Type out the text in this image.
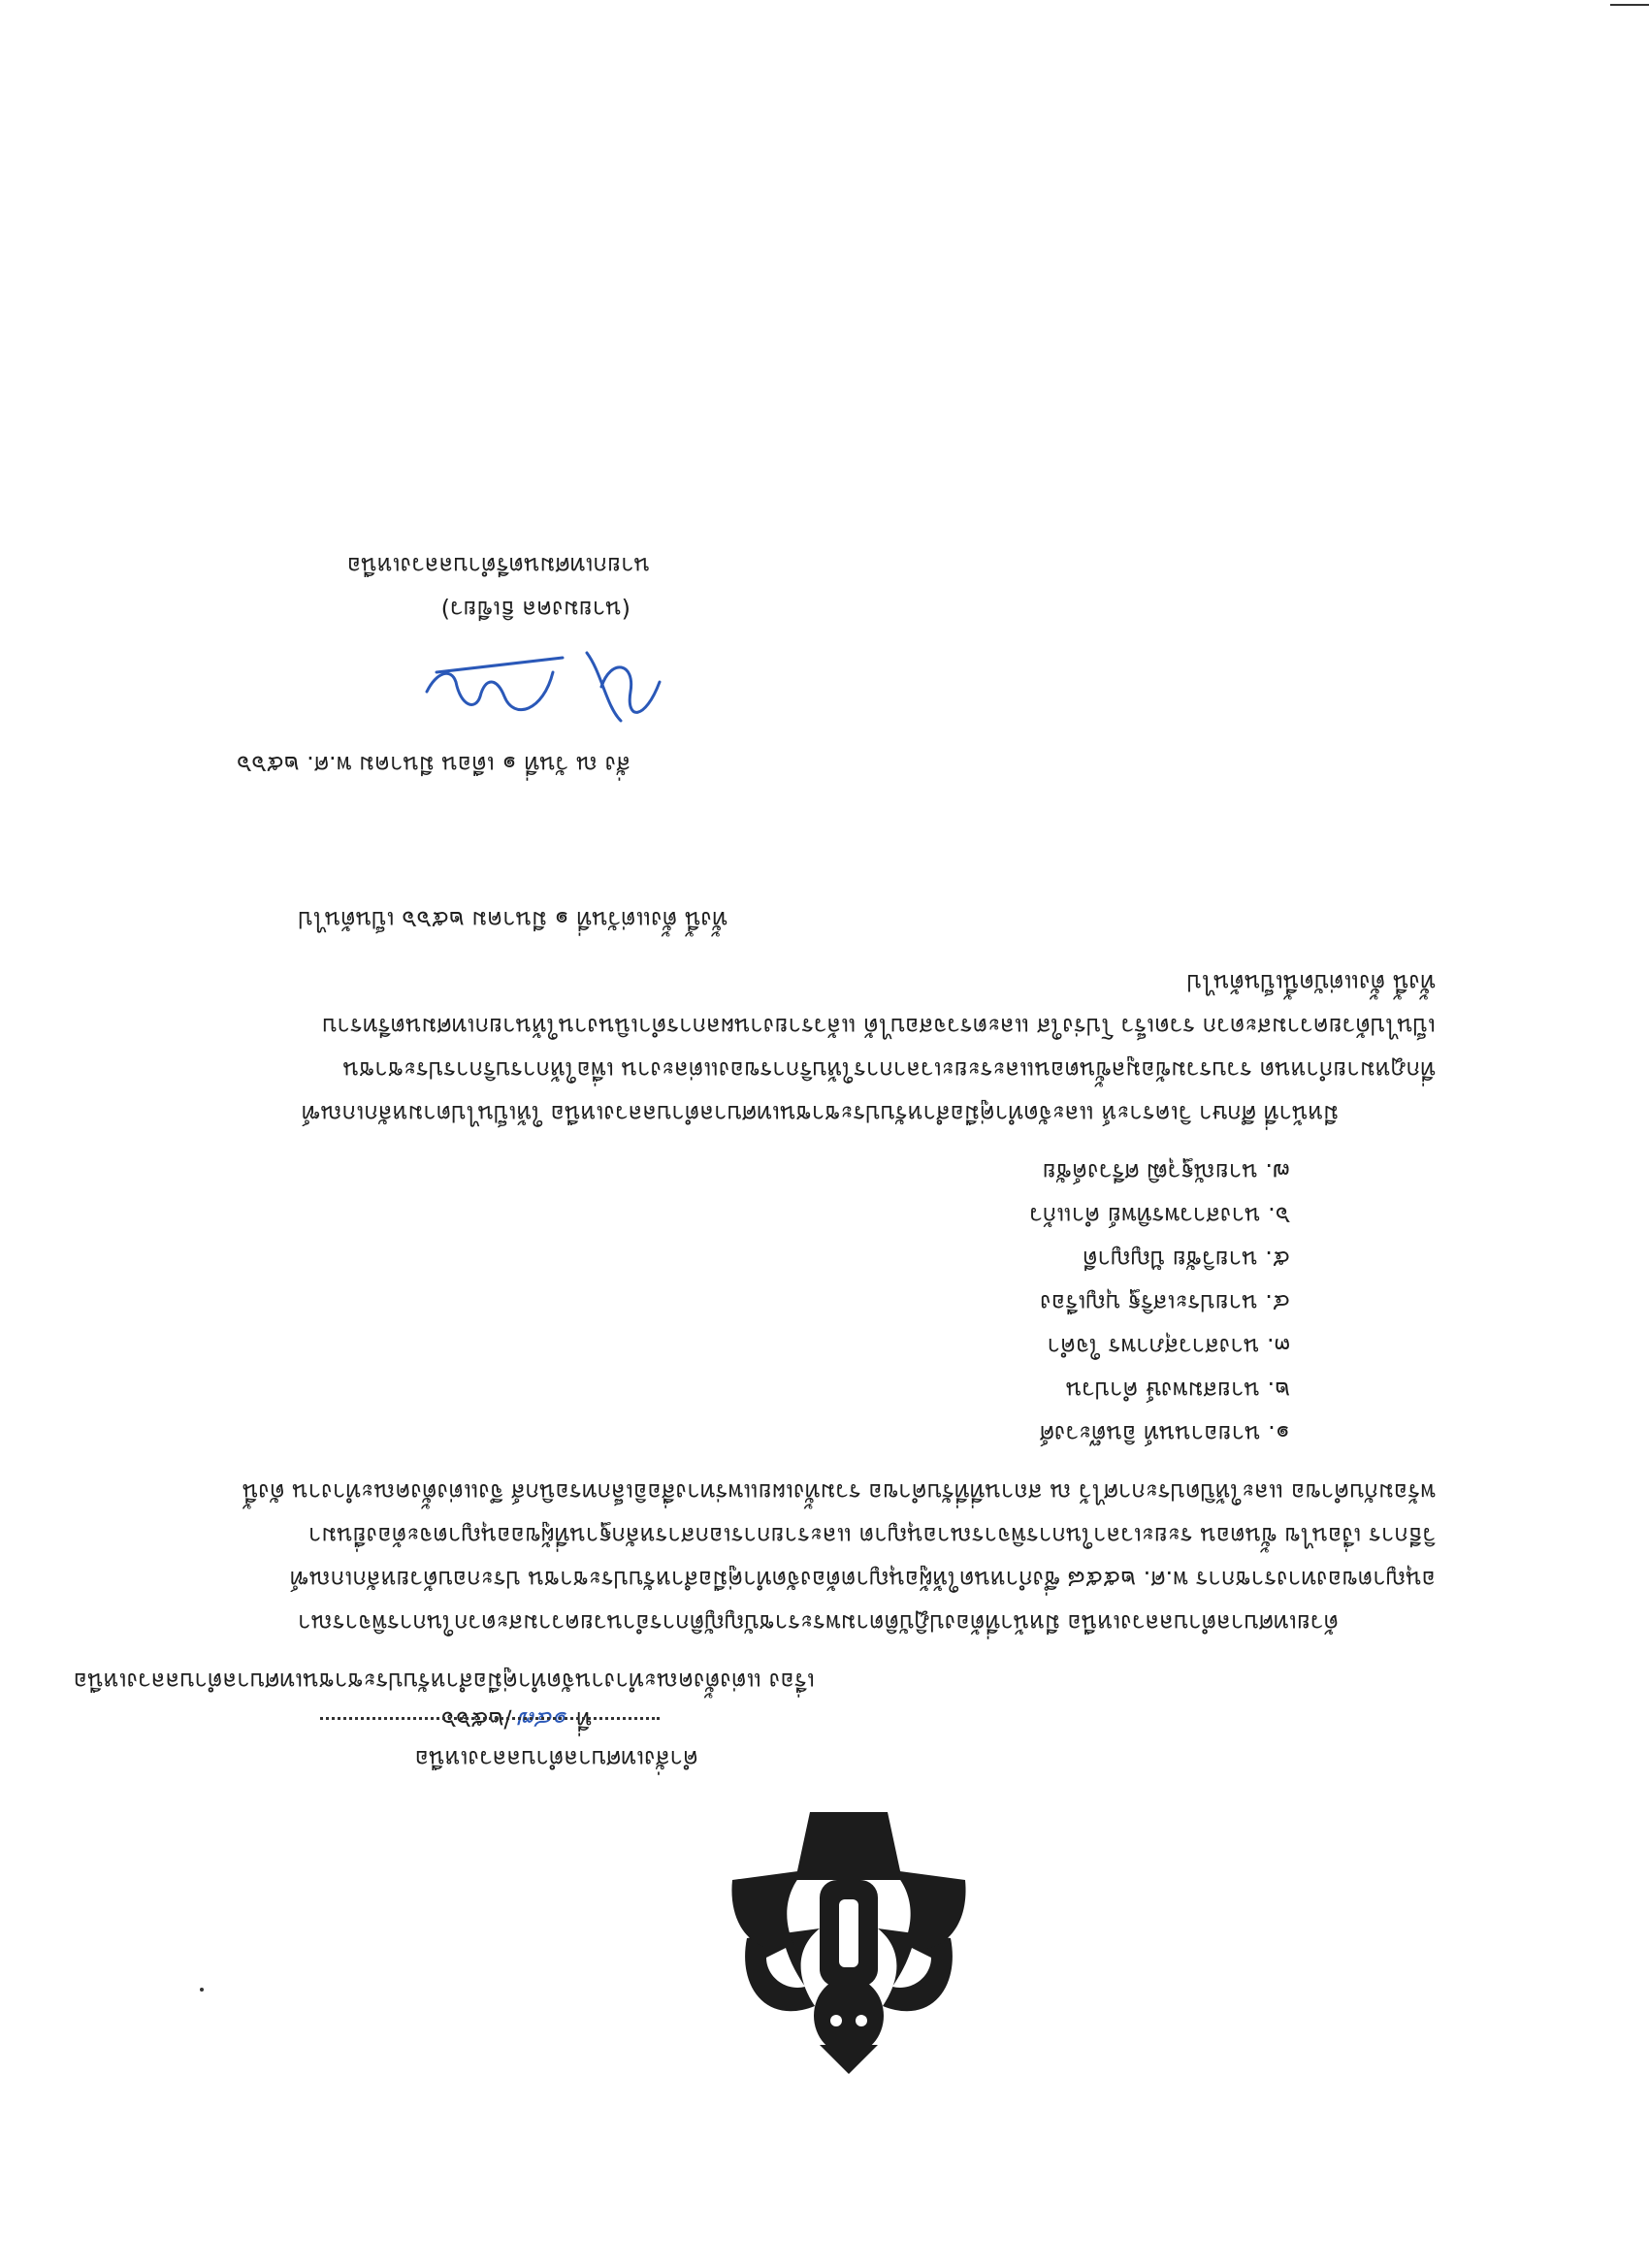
คำสั่งเทศบาลตำบลลวงเหนือ
ที่ ๑๔๗ /๒๕๖๖
เรื่อง แต่งตั้งคณะทำงานจัดทำคู่มือสำหรับประชาชนเทศบาลตำบลลวงเหนือ
ด้วยเทศบาลตำบลลวงเหนือ มีหน้าที่ต้องปฏิบัติตามพระราชบัญญัติการอำนวยความสะดวกในการพิจารณา
อนุญาตของทางราชการ พ.ศ. ๒๕๕๘ ซึ่งกำหนดให้ผู้อนุญาตต้องจัดทำคู่มือสำหรับประชาชน ประกอบด้วยหลักเกณฑ์
วิธีการ เงื่อนไข ขั้นตอน ระยะเวลาในการพิจารณาอนุญาต และรายการเอกสารหลักฐานที่ผู้ขออนุญาตจะต้องยื่นมา
พร้อมกับคำขอ และให้ปิดประกาศไว้ ณ สถานที่ที่รับคำขอ รวมทั้งเผยแพร่ทางสื่ออิเล็กทรอนิกส์ จึงแต่งตั้งคณะทำงาน ดังนี้
๑. นายอานนท์ อินต๊ะวงศ์
๒. นายสมพงษ์ คำปวน
๓. นางสาวสุภาพร ใจคำ
๔. นายประเสริฐ บุญเรือง
๕. นายวิชัย ปัญญาดี
๖. นางสาวพรทิพย์ คำแก้ว
๗. นายณัฐวุฒิ ศรีวงค์ชัย
มีหน้าที่ ศึกษา วิเคราะห์ และจัดทำคู่มือสำหรับประชาชนเทศบาลตำบลลวงเหนือ ให้เป็นไปตามหลักเกณฑ์
ที่กฎหมายกำหนด รวบรวมข้อมูลขั้นตอนและระยะเวลาการให้บริการของแต่ละงาน เพื่อให้การบริการประชาชน
เป็นไปด้วยความสะดวก รวดเร็ว โปร่งใส และตรวจสอบได้ แล้วรายงานผลการดำเนินงานให้นายกเทศมนตรีทราบ
ทั้งนี้ ตั้งแต่บัดนี้เป็นต้นไป
ทั้งนี้ ตั้งแต่วันที่ ๑ มีนาคม ๒๕๖๖ เป็นต้นไป
สั่ง ณ วันที่ ๑ เดือน มีนาคม พ.ศ. ๒๕๖๖
(นายมงคล ธิเขียว)
นายกเทศมนตรีตำบลลวงเหนือ
